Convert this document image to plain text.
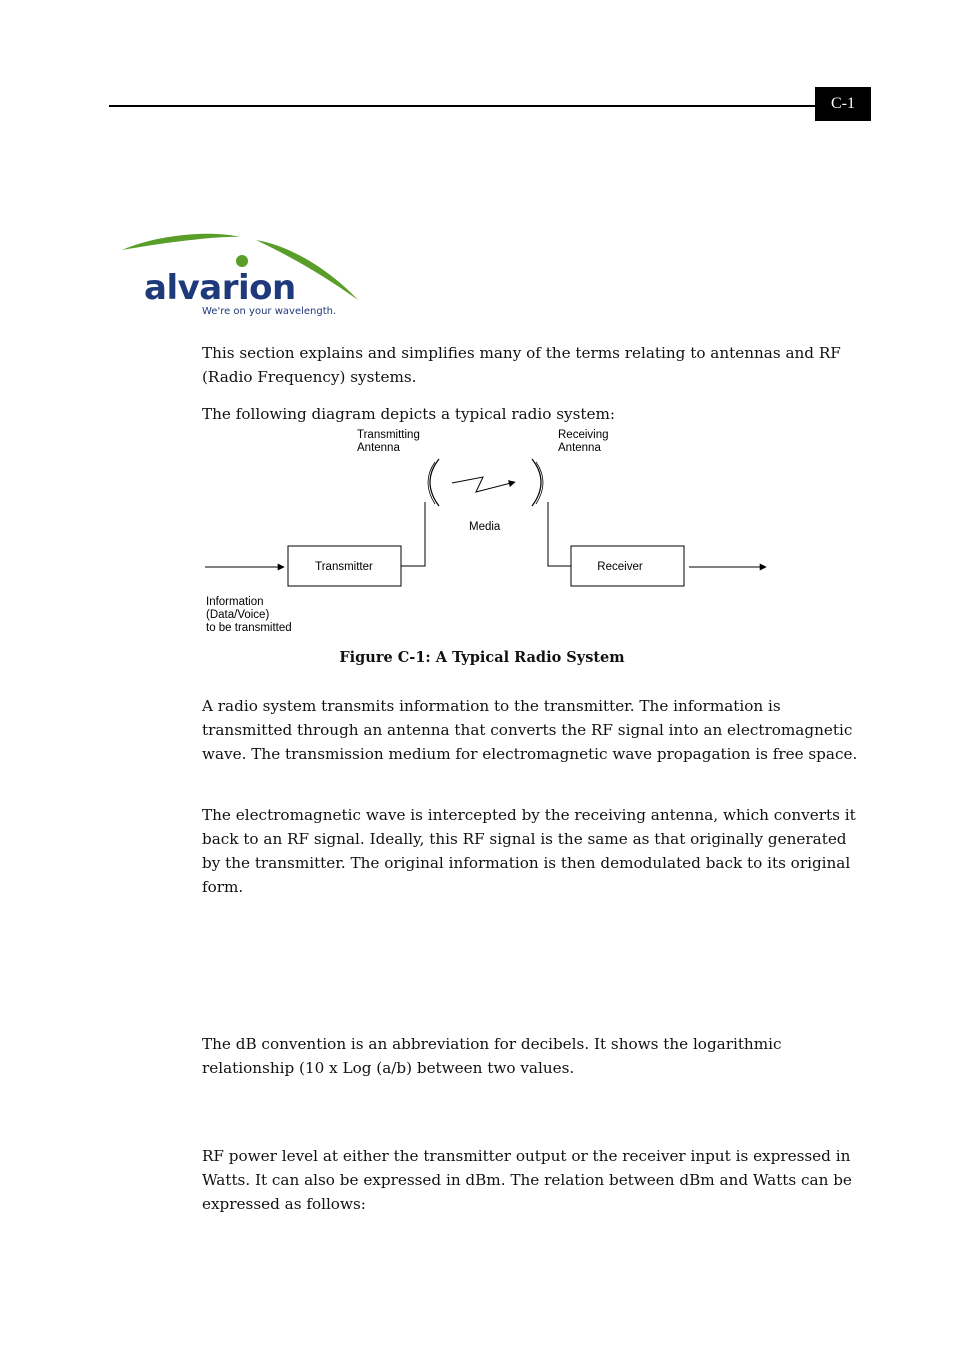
C-1
alvarion
We're on your wavelength.

This section explains and simplifies many of the terms relating to antennas and RF (Radio Frequency) systems.

The following diagram depicts a typical radio system:

Transmitting
Antenna
Receiving
Antenna
Media
Transmitter	Receiver
Information
(Data/Voice)
to be transmitted

Figure C-1: A Typical Radio System

A radio system transmits information to the transmitter. The information is transmitted through an antenna that converts the RF signal into an electromagnetic wave. The transmission medium for electromagnetic wave propagation is free space.

The electromagnetic wave is intercepted by the receiving antenna, which converts it back to an RF signal. Ideally, this RF signal is the same as that originally generated by the transmitter. The original information is then demodulated back to its original form.

The dB convention is an abbreviation for decibels. It shows the logarithmic relationship (10 x Log (a/b) between two values.

RF power level at either the transmitter output or the receiver input is expressed in Watts. It can also be expressed in dBm. The relation between dBm and Watts can be expressed as follows:
